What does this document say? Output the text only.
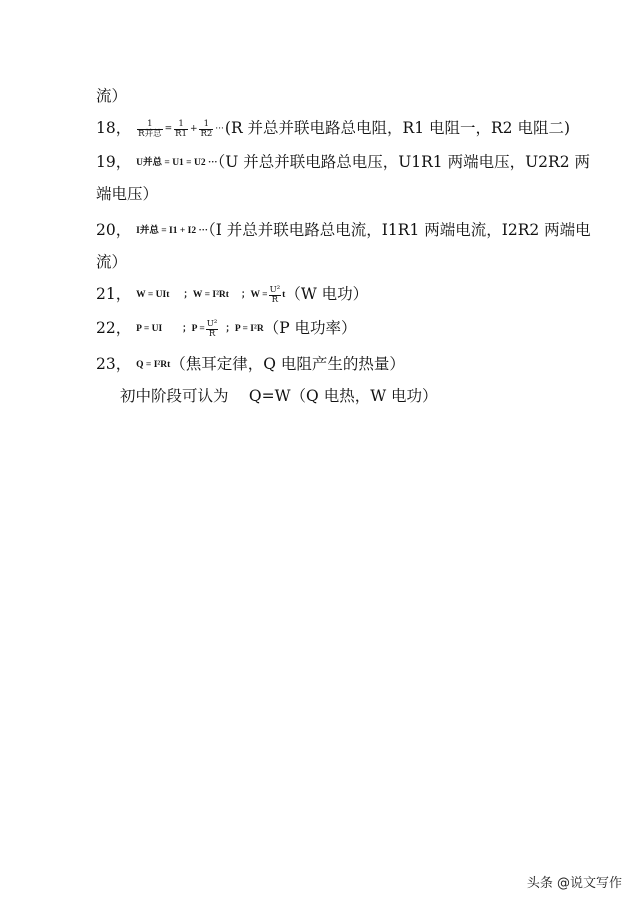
流）
18， $\frac{1}{\text{R并总}} = \frac{1}{R1} + \frac{1}{R2} \cdot\cdot\cdot(R$ 并总并联电路总电阻，R1 电阻一，R2 电阻二)
19， U并总 = U1 = U2 ···（U 并总并联电路总电压，U1R1 两端电压，U2R2 两
端电压）
20， I并总 = I1 + I2 ···（I 并总并联电路总电流，I1R1 两端电流，I2R2 两端电
流）
21， W = UIt ；W = I²Rt ；$W = \frac{\text{U²}}{R} t(W$ 电功）
22， P = UI ；$P = \frac{\text{U²}}{R}$ ；P = I²R（P 电功率）
23， Q = I²Rt（焦耳定律，Q 电阻产生的热量）
初中阶段可认为　 Q=W（Q 电热，W 电功）
头条 @说文写作
